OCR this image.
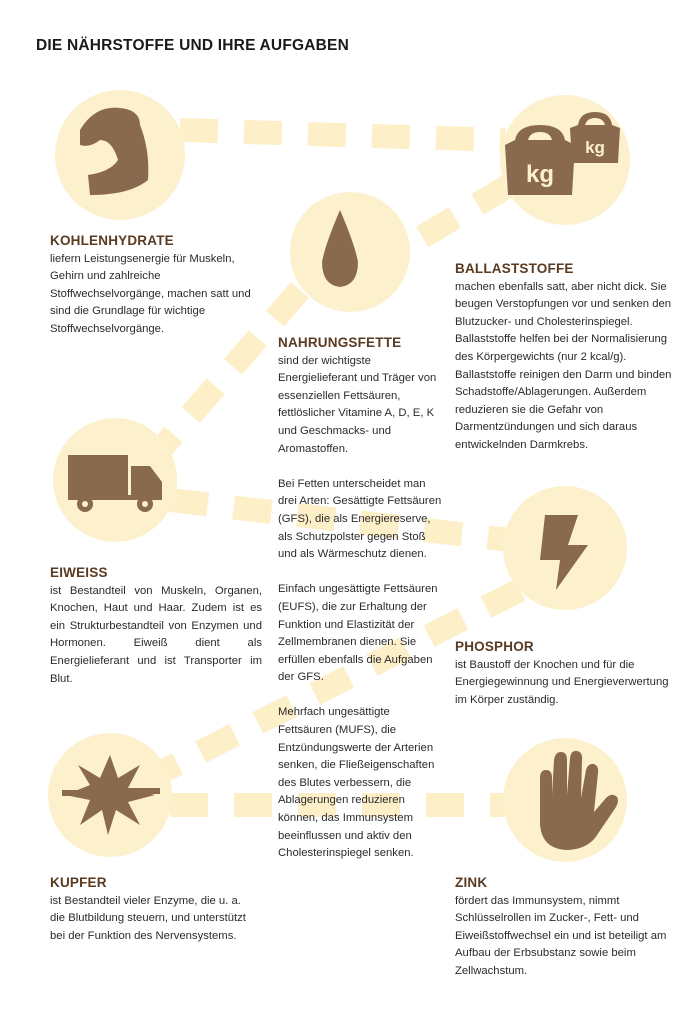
kg
kg
DIE NÄHRSTOFFE UND IHRE AUFGABEN
KOHLENHYDRATE

liefern Leistungsenergie für Muskeln, Gehirn und zahlreiche Stoffwechselvorgänge, machen satt und sind die Grundlage für wichtige Stoffwechselvorgänge.

BALLASTSTOFFE

machen ebenfalls satt, aber nicht dick. Sie beugen Verstopfungen vor und senken den Blutzucker- und Cholesterinspiegel. Ballaststoffe helfen bei der Normalisierung des Körpergewichts (nur 2 kcal/g). Ballaststoffe reinigen den Darm und binden Schadstoffe/Ablagerungen. Außerdem reduzieren sie die Gefahr von Darmentzündungen und sich daraus entwickelnden Darmkrebs.

NAHRUNGSFETTE

sind der wichtigste Energielieferant und Träger von essenziellen Fettsäuren, fettlöslicher Vitamine A, D, E, K und Geschmacks- und Aromastoffen.

Bei Fetten unterscheidet man drei Arten: Gesättigte Fettsäuren (GFS), die als Energiereserve, als Schutzpolster gegen Stoß und als Wärmeschutz dienen.

Einfach ungesättigte Fettsäuren (EUFS), die zur Erhaltung der Funktion und Elastizität der Zellmembranen dienen. Sie erfüllen ebenfalls die Aufgaben der GFS.

Mehrfach ungesättigte Fettsäuren (MUFS), die Entzündungswerte der Arterien senken, die Fließeigenschaften des Blutes verbessern, die Ablagerungen reduzieren können, das Immunsystem beeinflussen und aktiv den Cholesterinspiegel senken.

EIWEISS

ist Bestandteil von Muskeln, Organen, Knochen, Haut und Haar. Zudem ist es ein Strukturbestandteil von Enzymen und Hormonen. Eiweiß dient als Energielieferant und ist Transporter im Blut.

PHOSPHOR

ist Baustoff der Knochen und für die Energiegewinnung und Energieverwertung im Körper zuständig.

KUPFER

ist Bestandteil vieler Enzyme, die u. a. die Blutbildung steuern, und unterstützt bei der Funktion des Nervensystems.

ZINK

fördert das Immunsystem, nimmt Schlüsselrollen im Zucker-, Fett- und Eiweißstoffwechsel ein und ist beteiligt am Aufbau der Erbsubstanz sowie beim Zellwachstum.
